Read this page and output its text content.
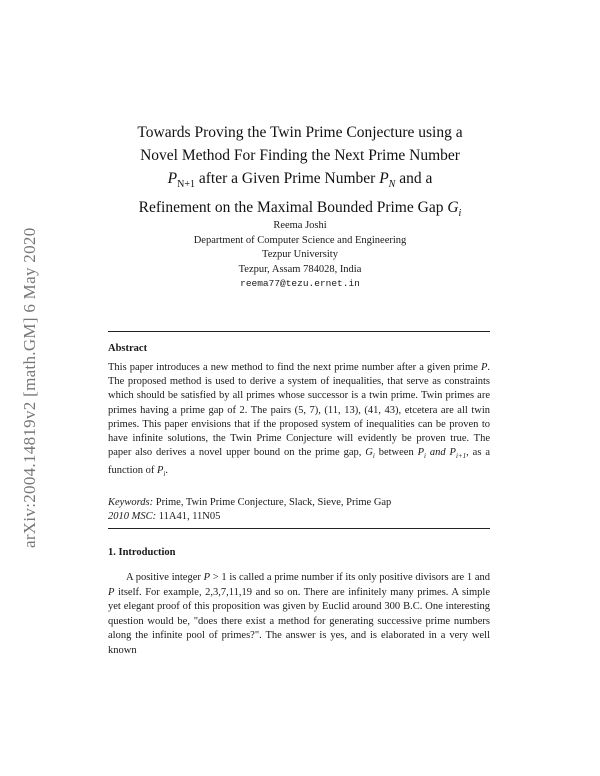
arXiv:2004.14819v2 [math.GM] 6 May 2020
Towards Proving the Twin Prime Conjecture using a
Novel Method For Finding the Next Prime Number
$P_{N+1}$ after a Given Prime Number $P_N$ and a
Refinement on the Maximal Bounded Prime Gap $G_i$
Reema Joshi
Department of Computer Science and Engineering
Tezpur University
Tezpur, Assam 784028, India
reema77@tezu.ernet.in
Abstract
This paper introduces a new method to find the next prime number after a given prime P. The proposed method is used to derive a system of inequalities, that serve as constraints which should be satisfied by all primes whose successor is a twin prime. Twin primes are primes having a prime gap of 2. The pairs (5, 7), (11, 13), (41, 43), etcetera are all twin primes. This paper envisions that if the proposed system of inequalities can be proven to have infinite solutions, the Twin Prime Conjecture will evidently be proven true. The paper also derives a novel upper bound on the prime gap, $G_i$ between $P_i$ and $P_{i+1}$, as a function of $P_i$.
Keywords: Prime, Twin Prime Conjecture, Slack, Sieve, Prime Gap
2010 MSC: 11A41, 11N05
1. Introduction
A positive integer P > 1 is called a prime number if its only positive divisors are 1 and P itself. For example, 2,3,7,11,19 and so on. There are infinitely many primes. A simple yet elegant proof of this proposition was given by Euclid around 300 B.C. One interesting question would be, "does there exist a method for generating successive prime numbers along the infinite pool of primes?". The answer is yes, and is elaborated in a very well known
